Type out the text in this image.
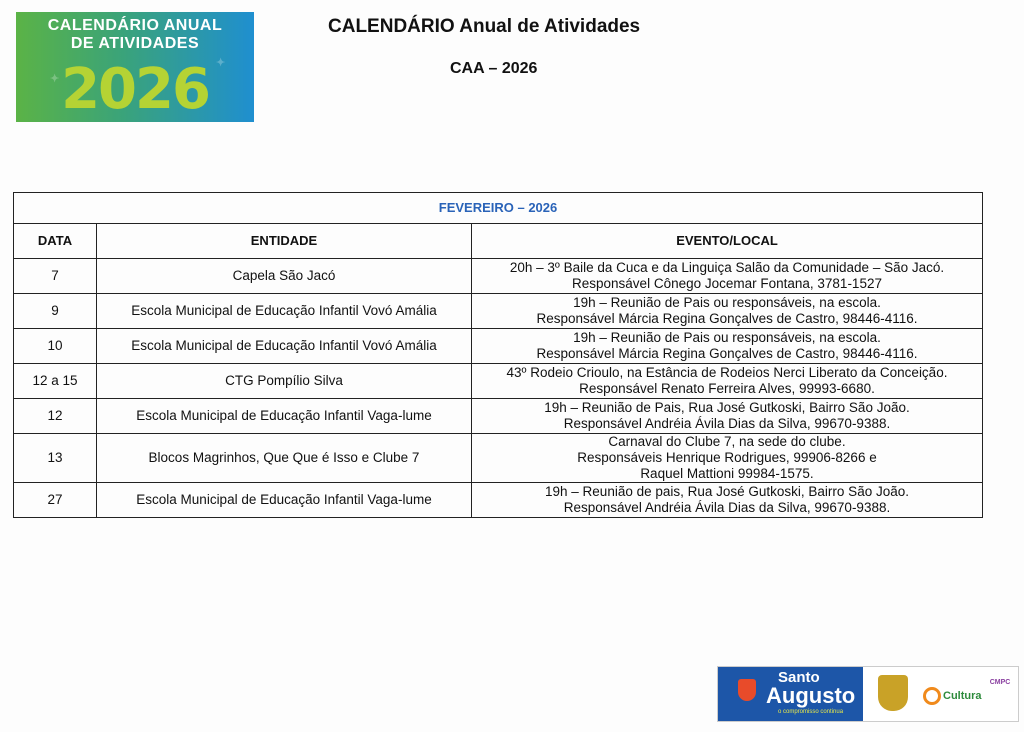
✦
✦
CALENDÁRIO ANUAL
DE ATIVIDADES
2026
CALENDÁRIO Anual de Atividades
CAA – 2026
FEVEREIRO – 2026		
DATA	ENTIDADE	EVENTO/LOCAL
7	Capela São Jacó	20h – 3º Baile da Cuca e da Linguiça Salão da Comunidade – São Jacó.
Responsável Cônego Jocemar Fontana, 3781-1527

9	Escola Municipal de Educação Infantil Vovó Amália	19h – Reunião de Pais ou responsáveis, na escola.
Responsável Márcia Regina Gonçalves de Castro, 98446-4116.

10	Escola Municipal de Educação Infantil Vovó Amália	19h – Reunião de Pais ou responsáveis, na escola.
Responsável Márcia Regina Gonçalves de Castro, 98446-4116.

12 a 15	CTG Pompílio Silva	43º Rodeio Crioulo, na Estância de Rodeios Nerci Liberato da Conceição.
Responsável Renato Ferreira Alves, 99993-6680.

12	Escola Municipal de Educação Infantil Vaga-lume	19h – Reunião de Pais, Rua José Gutkoski, Bairro São João.
Responsável Andréia Ávila Dias da Silva, 99670-9388.

13	Blocos Magrinhos, Que Que é Isso e Clube 7	Carnaval do Clube 7, na sede do clube.
Responsáveis Henrique Rodrigues, 99906-8266 e
Raquel Mattioni 99984-1575.

27	Escola Municipal de Educação Infantil Vaga-lume	19h – Reunião de pais, Rua José Gutkoski, Bairro São João.
Responsável Andréia Ávila Dias da Silva, 99670-9388.
Santo
Augusto
o compromisso continua
Cultura
CMPC
